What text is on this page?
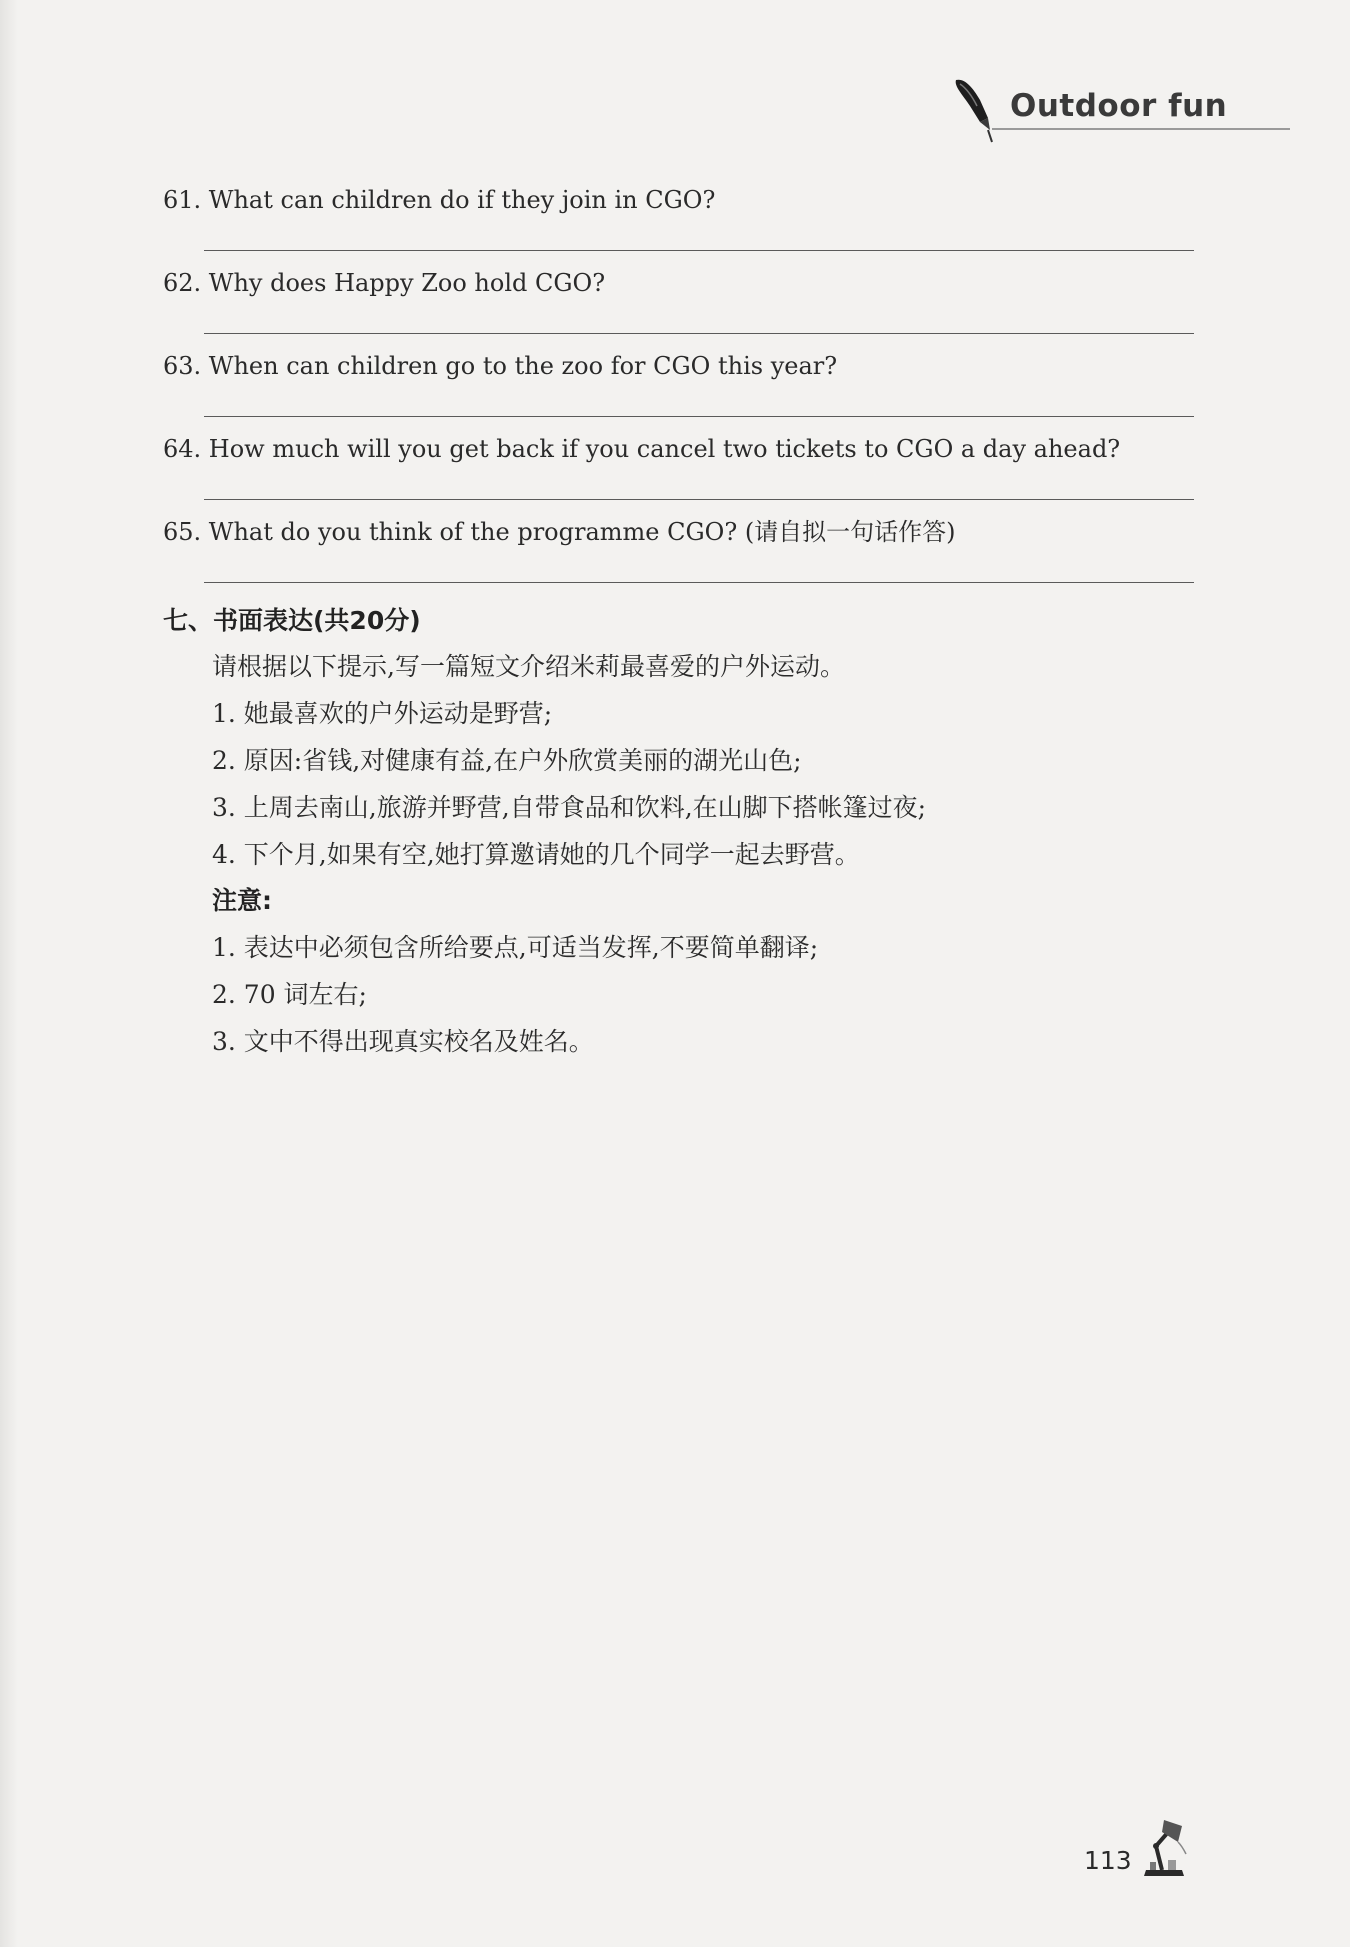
Outdoor fun
61. What can children do if they join in CGO?
62. Why does Happy Zoo hold CGO?
63. When can children go to the zoo for CGO this year?
64. How much will you get back if you cancel two tickets to CGO a day ahead?
65. What do you think of the programme CGO? (请自拟一句话作答)
七、书面表达(共20分)
请根据以下提示,写一篇短文介绍米莉最喜爱的户外运动。
1. 她最喜欢的户外运动是野营;
2. 原因:省钱,对健康有益,在户外欣赏美丽的湖光山色;
3. 上周去南山,旅游并野营,自带食品和饮料,在山脚下搭帐篷过夜;
4. 下个月,如果有空,她打算邀请她的几个同学一起去野营。
注意:
1. 表达中必须包含所给要点,可适当发挥,不要简单翻译;
2. 70 词左右;
3. 文中不得出现真实校名及姓名。
113
